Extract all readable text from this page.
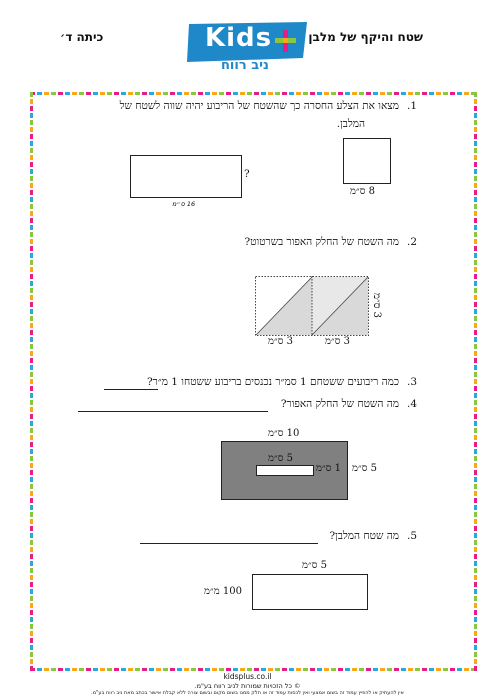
שטח והיקף של מלבן
כיתה ד׳	Kids
ניב רווח
1.
מצאו את הצלע החסרה כך שהשטח של הריבוע יהיה שווה לשטח של
המלבן.
?
16 ס״מ
8 ס״מ
2.
מה השטח של החלק האפור בשרטוט?
3 ס״מ	3 ס״מ
3 ס״מ
3.
כמה ריבועים ששטחם 1 סמ״ר נכנסים בריבוע ששטחו 1 מ״ר?
4.
מה השטח של החלק האפור?
10 ס״מ
5 ס״מ
1 ס״מ 5 ס״מ
5.
מה שטח המלבן?
5 ס״מ
100 מ״מ
kidsplus.co.il
© כל הזכויות שמורות לניב רווח בע"מ.
אין להעתיק או להפיץ עמוד זה בשום אמצעי ואין לכסות עמוד זה או חלק ממנו בשום מקום ובשום צורה ללא קבלת אישור בכתב מאת ניב רווח בע"מ.
